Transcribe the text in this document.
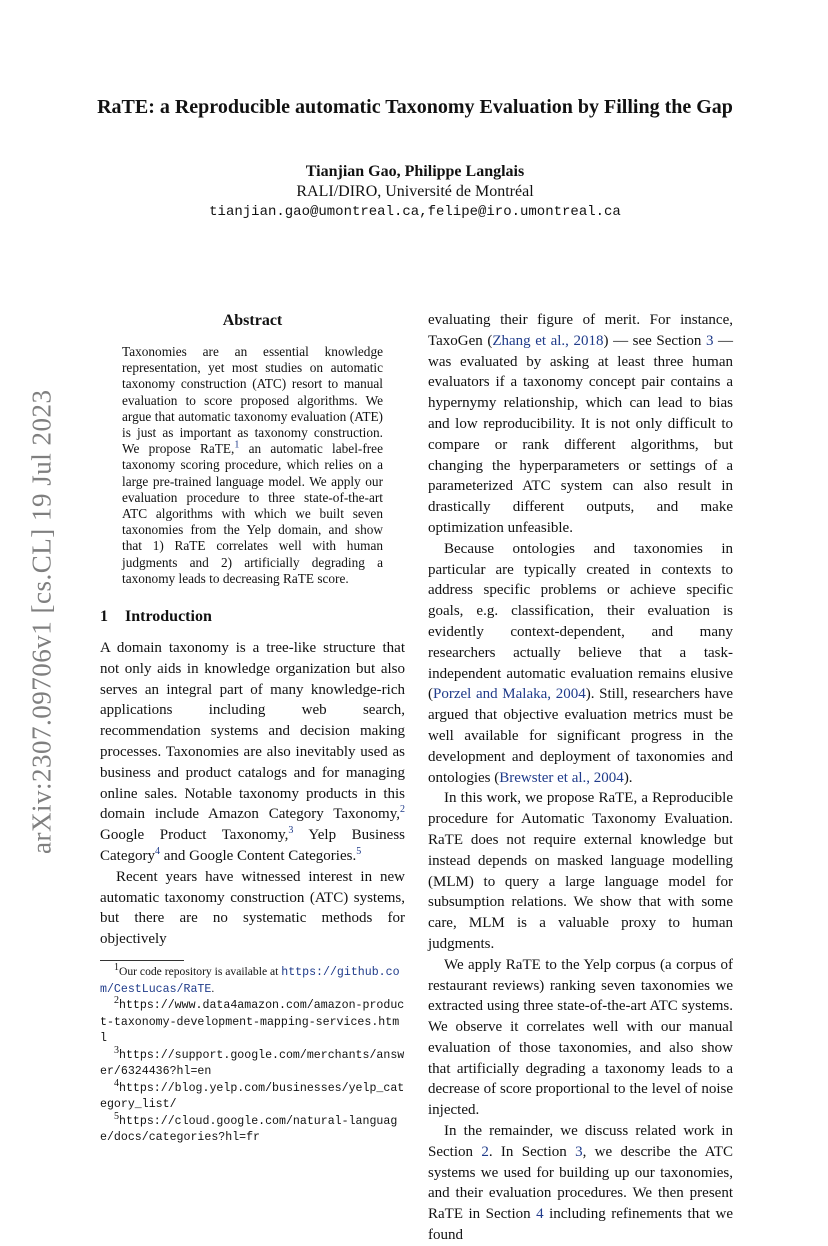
arXiv:2307.09706v1 [cs.CL] 19 Jul 2023
RaTE: a Reproducible automatic Taxonomy Evaluation by Filling the Gap
Tianjian Gao, Philippe Langlais
RALI/DIRO, Université de Montréal
tianjian.gao@umontreal.ca,felipe@iro.umontreal.ca
Abstract
Taxonomies are an essential knowledge representation, yet most studies on automatic taxonomy construction (ATC) resort to manual evaluation to score proposed algorithms. We argue that automatic taxonomy evaluation (ATE) is just as important as taxonomy construction. We propose RaTE,$^1$ an automatic label-free taxonomy scoring procedure, which relies on a large pre-trained language model. We apply our evaluation procedure to three state-of-the-art ATC algorithms with which we built seven taxonomies from the Yelp domain, and show that 1) RaTE correlates well with human judgments and 2) artificially degrading a taxonomy leads to decreasing RaTE score.
1 Introduction

A domain taxonomy is a tree-like structure that not only aids in knowledge organization but also serves an integral part of many knowledge-rich applications including web search, recommendation systems and decision making processes. Taxonomies are also inevitably used as business and product catalogs and for managing online sales. Notable taxonomy products in this domain include Amazon Category Taxonomy,$^2$ Google Product Taxonomy,$^3$ Yelp Business Category$^4$ and Google Content Categories.$^5$

Recent years have witnessed interest in new automatic taxonomy construction (ATC) systems, but there are no systematic methods for objectively

$^1$Our code repository is available at https://github.com/CestLucas/RaTE.
$^2$https://www.data4amazon.com/amazon-product-taxonomy-development-mapping-services.html
$^3$https://support.google.com/merchants/answer/6324436?hl=en
$^4$https://blog.yelp.com/businesses/yelp_category_list/
$^5$https://cloud.google.com/natural-language/docs/categories?hl=fr

evaluating their figure of merit. For instance, TaxoGen (Zhang et al., 2018) — see Section 3 — was evaluated by asking at least three human evaluators if a taxonomy concept pair contains a hypernymy relationship, which can lead to bias and low reproducibility. It is not only difficult to compare or rank different algorithms, but changing the hyperparameters or settings of a parameterized ATC system can also result in drastically different outputs, and make optimization unfeasible.

Because ontologies and taxonomies in particular are typically created in contexts to address specific problems or achieve specific goals, e.g. classification, their evaluation is evidently context-dependent, and many researchers actually believe that a task-independent automatic evaluation remains elusive (Porzel and Malaka, 2004). Still, researchers have argued that objective evaluation metrics must be well available for significant progress in the development and deployment of taxonomies and ontologies (Brewster et al., 2004).

In this work, we propose RaTE, a Reproducible procedure for Automatic Taxonomy Evaluation. RaTE does not require external knowledge but instead depends on masked language modelling (MLM) to query a large language model for subsumption relations. We show that with some care, MLM is a valuable proxy to human judgments.

We apply RaTE to the Yelp corpus (a corpus of restaurant reviews) ranking seven taxonomies we extracted using three state-of-the-art ATC systems. We observe it correlates well with our manual evaluation of those taxonomies, and also show that artificially degrading a taxonomy leads to a decrease of score proportional to the level of noise injected.

In the remainder, we discuss related work in Section 2. In Section 3, we describe the ATC systems we used for building up our taxonomies, and their evaluation procedures. We then present RaTE in Section 4 including refinements that we found
